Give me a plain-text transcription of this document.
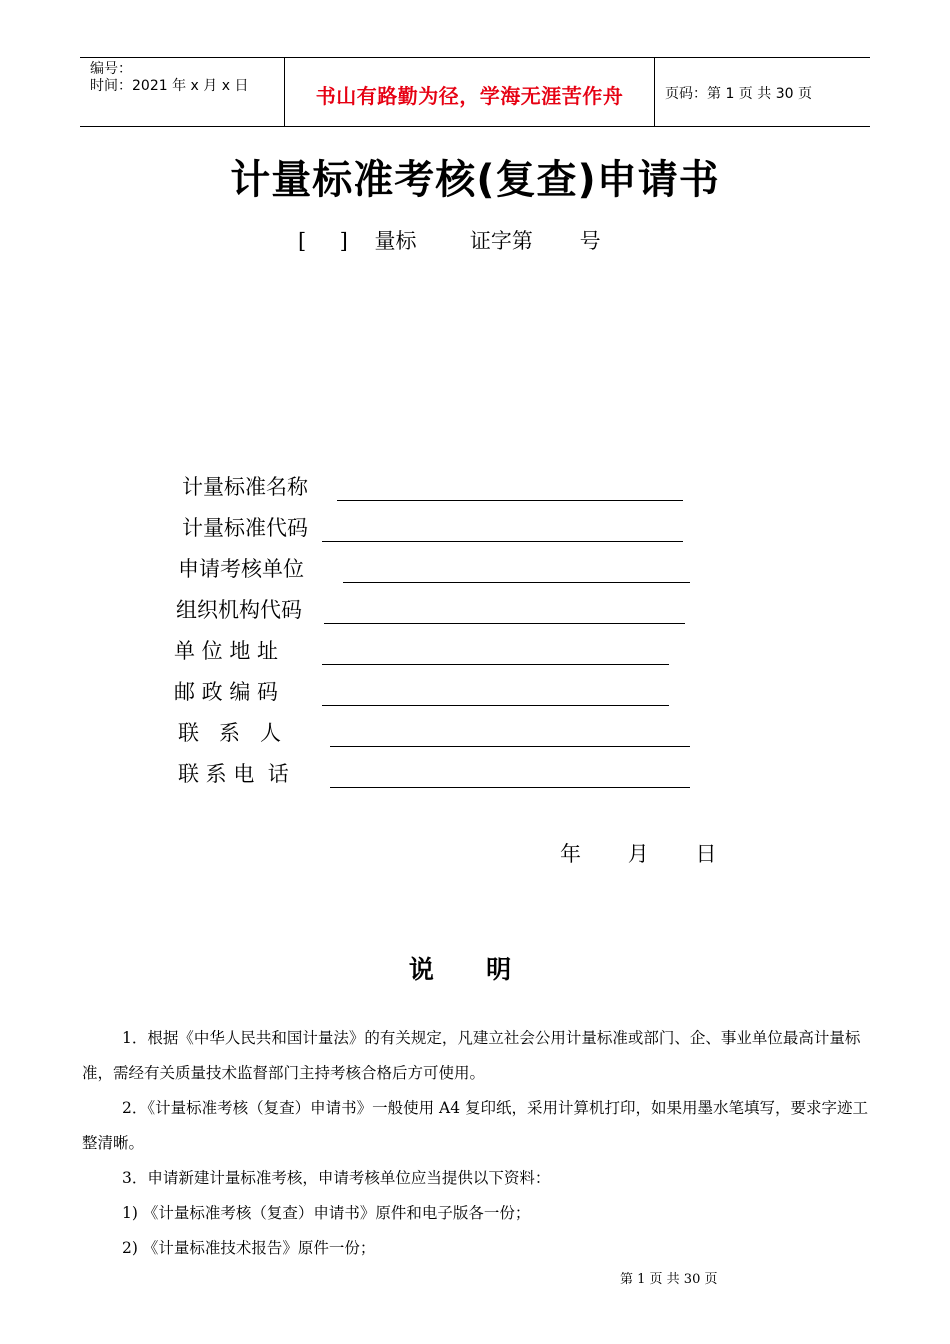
编号：
时间：2021 年 x 月 x 日	书山有路勤为径，学海无涯苦作舟	页码：第 1 页 共 30 页
计量标准考核(复查)申请书
[     ]    量标        证字第       号
计量标准名称
计量标准代码
申请考核单位
组织机构代码
单 位 地 址
邮 政 编 码
联   系   人
联 系 电  话
年       月       日
说      明

1．根据《中华人民共和国计量法》的有关规定，凡建立社会公用计量标准或部门、企、事业单位最高计量标准，需经有关质量技术监督部门主持考核合格后方可使用。

2．《计量标准考核（复查）申请书》一般使用 A4 复印纸，采用计算机打印，如果用墨水笔填写，要求字迹工整清晰。

3．申请新建计量标准考核，申请考核单位应当提供以下资料：

1) 《计量标准考核（复查）申请书》原件和电子版各一份；

2) 《计量标准技术报告》原件一份；

第 1 页 共 30 页
